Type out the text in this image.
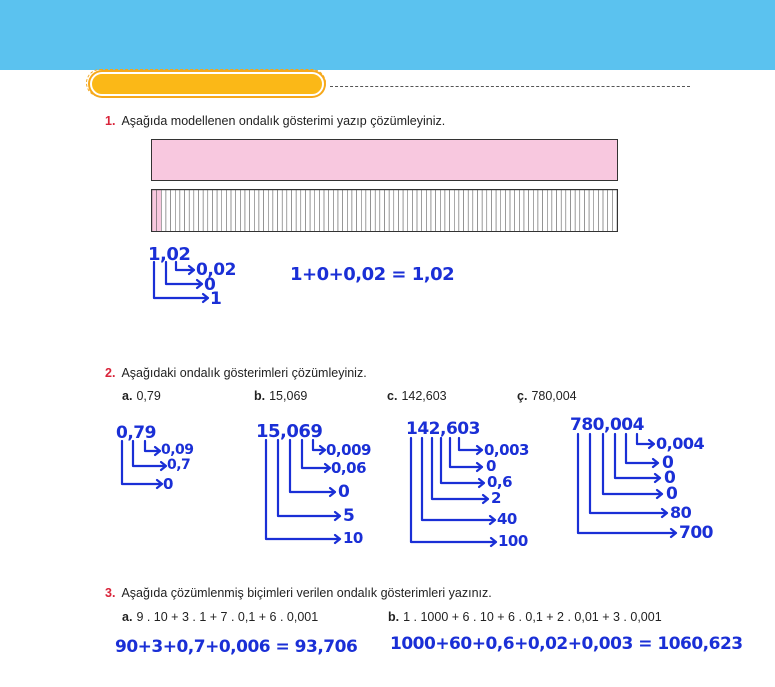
1. Aşağıda modellenen ondalık gösterimi yazıp çözümleyiniz.
1,02
0,02
0
1
1+0+0,02 = 1,02
2. Aşağıdaki ondalık gösterimleri çözümleyiniz.
a. 0,79	b. 15,069	c. 142,603	ç. 780,004
0,79
0,09
0,7
0
15,069
0,009
0,06
0
5
10
142,603
0,003
0
0,6
2
40
100
780,004
0,004
0
0
0
80
700
3. Aşağıda çözümlenmiş biçimleri verilen ondalık gösterimleri yazınız.
a. 9 . 10 + 3 . 1 + 7 . 0,1 + 6 . 0,001	b. 1 . 1000 + 6 . 10 + 6 . 0,1 + 2 . 0,01 + 3 . 0,001
90+3+0,7+0,006 = 93,706 1000+60+0,6+0,02+0,003 = 1060,623
